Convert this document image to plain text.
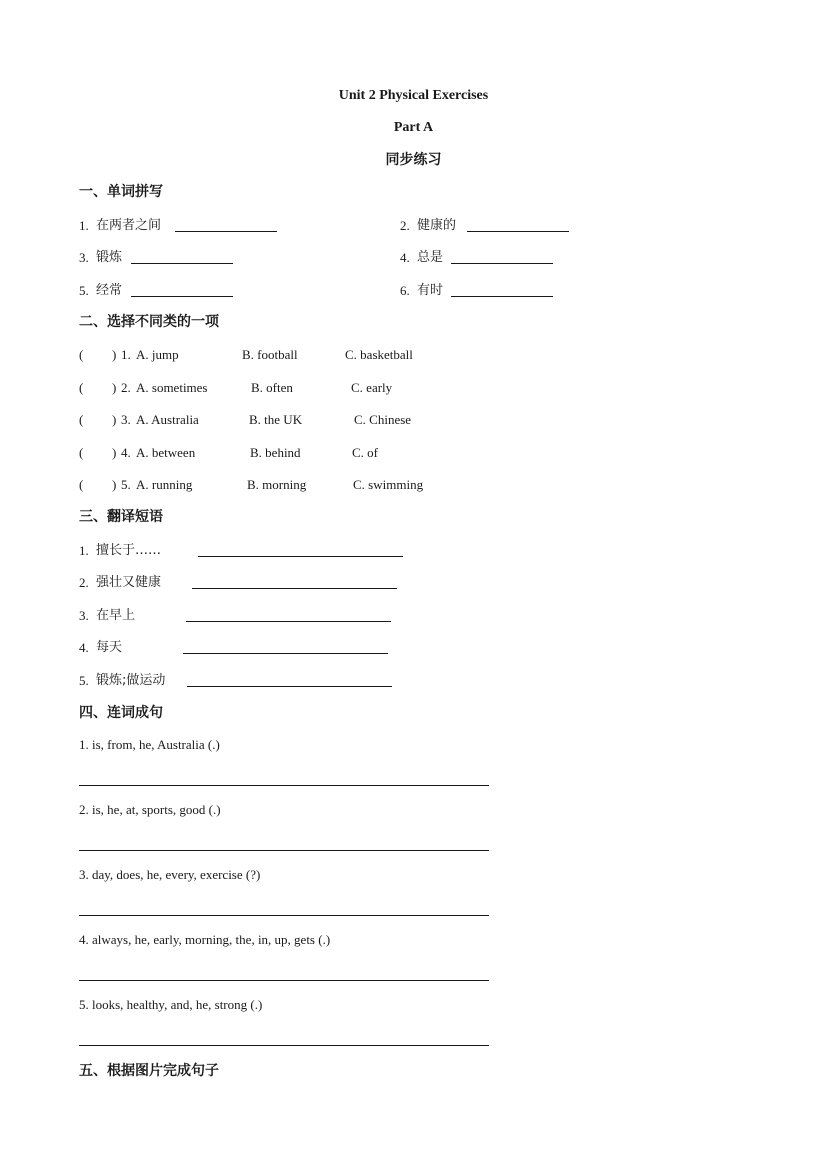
Unit 2 Physical Exercises
Part A
同步练习
一、单词拼写
1. 在两者之间	2. 健康的
3. 锻炼	4. 总是
5. 经常	6. 有时
二、选择不同类的一项
( ) 1. A. jump	B. football	C. basketball
( ) 2. A. sometimes	B. often	C. early
( ) 3. A. Australia	B. the UK	C. Chinese
( ) 4. A. between	B. behind	C. of
( ) 5. A. running	B. morning	C. swimming
三、翻译短语
1. 擅长于……
2. 强壮又健康
3. 在早上
4. 每天
5. 锻炼;做运动
四、连词成句
1. is, from, he, Australia (.)
2. is, he, at, sports, good (.)
3. day, does, he, every, exercise (?)
4. always, he, early, morning, the, in, up, gets (.)
5. looks, healthy, and, he, strong (.)
五、根据图片完成句子
